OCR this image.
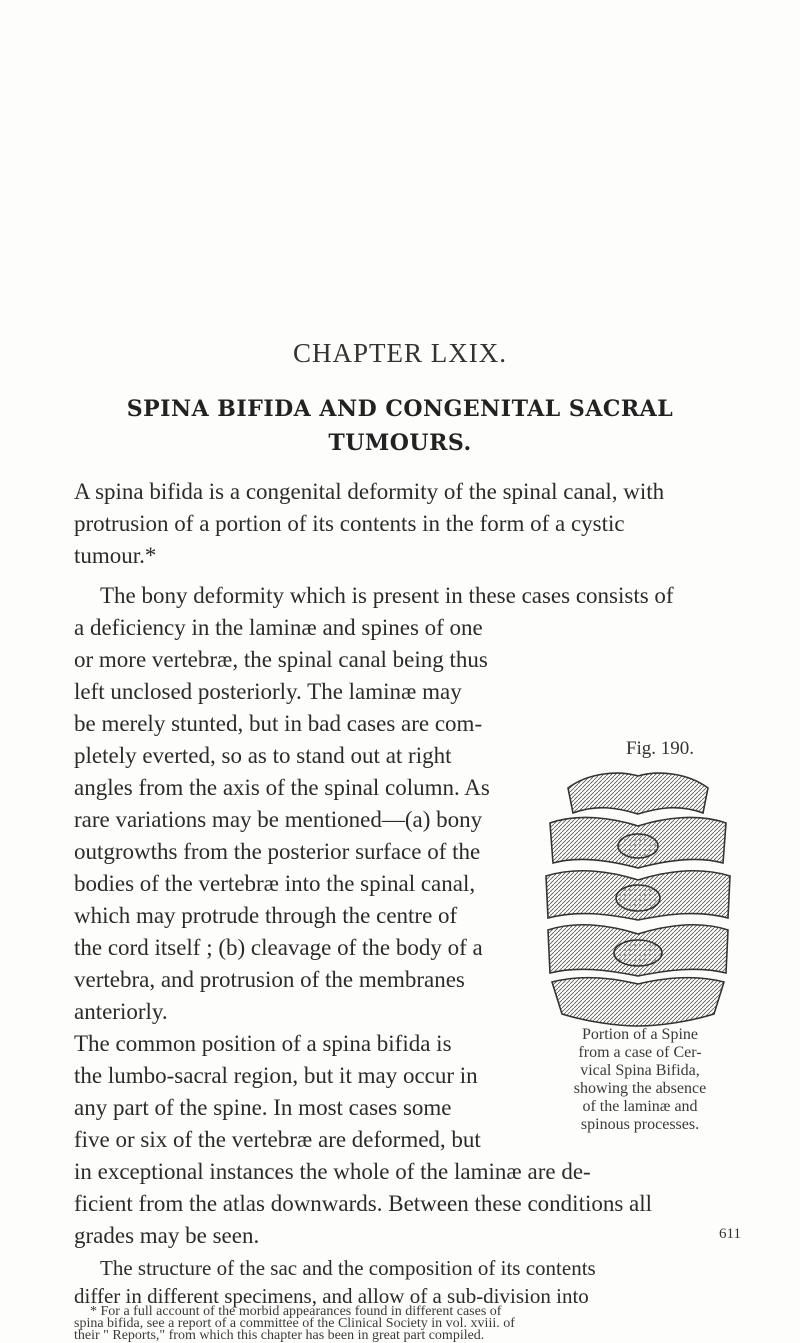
CHAPTER LXIX.
SPINA BIFIDA AND CONGENITAL SACRAL
TUMOURS.
A spina bifida is a congenital deformity of the spinal canal, with
protrusion of a portion of its contents in the form of a cystic
tumour.*
The bony deformity which is present in these cases consists of
a deficiency in the laminæ and spines of one
or more vertebræ, the spinal canal being thus
left unclosed posteriorly. The laminæ may
be merely stunted, but in bad cases are com-
pletely everted, so as to stand out at right
angles from the axis of the spinal column. As
rare variations may be mentioned—(a) bony
outgrowths from the posterior surface of the
bodies of the vertebræ into the spinal canal,
which may protrude through the centre of
the cord itself ; (b) cleavage of the body of a
vertebra, and protrusion of the membranes
anteriorly.
The common position of a spina bifida is
the lumbo-sacral region, but it may occur in
any part of the spine. In most cases some
five or six of the vertebræ are deformed, but
in exceptional instances the whole of the laminæ are de-
ficient from the atlas downwards. Between these conditions all
grades may be seen.
The structure of the sac and the composition of its contents
differ in different specimens, and allow of a sub-division into
* For a full account of the morbid appearances found in different cases of
spina bifida, see a report of a committee of the Clinical Society in vol. xviii. of
their " Reports," from which this chapter has been in great part compiled.
611
Fig. 190.
Portion of a Spine
from a case of Cer-
vical Spina Bifida,
showing the absence
of the laminæ and
spinous processes.
